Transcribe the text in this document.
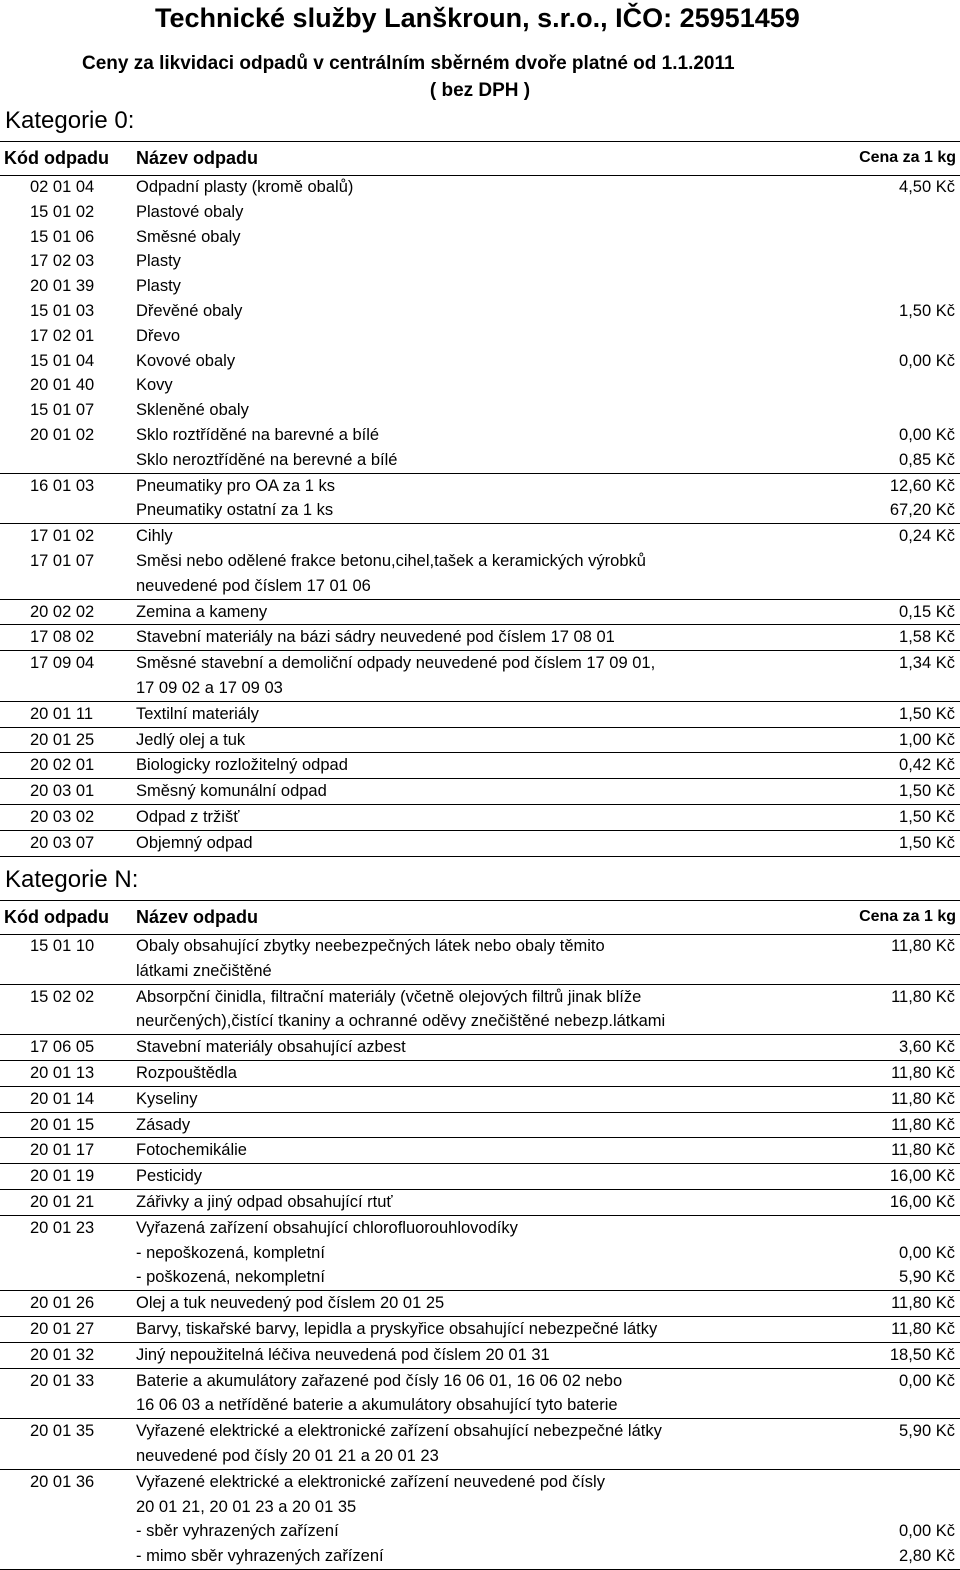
Technické služby Lanškroun, s.r.o., IČO: 25951459
Ceny za likvidaci odpadů v centrálním sběrném dvoře platné od 1.1.2011
( bez DPH )
Kategorie 0:
Kód odpadu Název odpadu	Cena za 1 kg
02 01 04	Odpadní plasty (kromě obalů)	4,50 Kč
15 01 02	Plastové obaly
15 01 06	Směsné obaly
17 02 03	Plasty
20 01 39	Plasty
15 01 03	Dřevěné obaly	1,50 Kč
17 02 01	Dřevo
15 01 04	Kovové obaly	0,00 Kč
20 01 40	Kovy
15 01 07	Skleněné obaly
20 01 02	Sklo roztříděné na barevné a bílé	0,00 Kč
Sklo neroztříděné na berevné a bílé	0,85 Kč
16 01 03	Pneumatiky pro OA za 1 ks	12,60 Kč
Pneumatiky ostatní za 1 ks	67,20 Kč
17 01 02	Cihly	0,24 Kč
17 01 07	Směsi nebo odělené frakce betonu,cihel,tašek a keramických výrobků
neuvedené pod číslem 17 01 06
20 02 02	Zemina a kameny	0,15 Kč
17 08 02	Stavební materiály na bázi sádry neuvedené pod číslem 17 08 01	1,58 Kč
17 09 04	Směsné stavební a demoliční odpady neuvedené pod číslem 17 09 01,	1,34 Kč
17 09 02 a 17 09 03
20 01 11	Textilní materiály	1,50 Kč
20 01 25	Jedlý olej a tuk	1,00 Kč
20 02 01	Biologicky rozložitelný odpad	0,42 Kč
20 03 01	Směsný komunální odpad	1,50 Kč
20 03 02	Odpad z tržišť	1,50 Kč
20 03 07	Objemný odpad	1,50 Kč
Kategorie N:
Kód odpadu Název odpadu	Cena za 1 kg
15 01 10	Obaly obsahující zbytky neebezpečných látek nebo obaly těmito	11,80 Kč
látkami znečištěné
15 02 02	Absorpční činidla, filtrační materiály (včetně olejových filtrů jinak blíže	11,80 Kč
neurčených),čistící tkaniny a ochranné oděvy znečištěné nebezp.látkami
17 06 05	Stavební materiály obsahující azbest	3,60 Kč
20 01 13	Rozpouštědla	11,80 Kč
20 01 14	Kyseliny	11,80 Kč
20 01 15	Zásady	11,80 Kč
20 01 17	Fotochemikálie	11,80 Kč
20 01 19	Pesticidy	16,00 Kč
20 01 21	Zářivky a jiný odpad obsahující rtuť	16,00 Kč
20 01 23	Vyřazená zařízení obsahující chlorofluorouhlovodíky
- nepoškozená, kompletní	0,00 Kč
- poškozená, nekompletní	5,90 Kč
20 01 26	Olej a tuk neuvedený pod číslem 20 01 25	11,80 Kč
20 01 27	Barvy, tiskařské barvy, lepidla a pryskyřice obsahující nebezpečné látky	11,80 Kč
20 01 32	Jiný nepoužitelná léčiva neuvedená pod číslem 20 01 31	18,50 Kč
20 01 33	Baterie a akumulátory zařazené pod čísly 16 06 01, 16 06 02 nebo	0,00 Kč
16 06 03 a netříděné baterie a akumulátory obsahující tyto baterie
20 01 35	Vyřazené elektrické a elektronické zařízení obsahující nebezpečné látky	5,90 Kč
neuvedené pod čísly 20 01 21 a 20 01 23
20 01 36	Vyřazené elektrické a elektronické zařízení neuvedené pod čísly
20 01 21, 20 01 23 a 20 01 35
- sběr vyhrazených zařízení	0,00 Kč
- mimo sběr vyhrazených zařízení	2,80 Kč
